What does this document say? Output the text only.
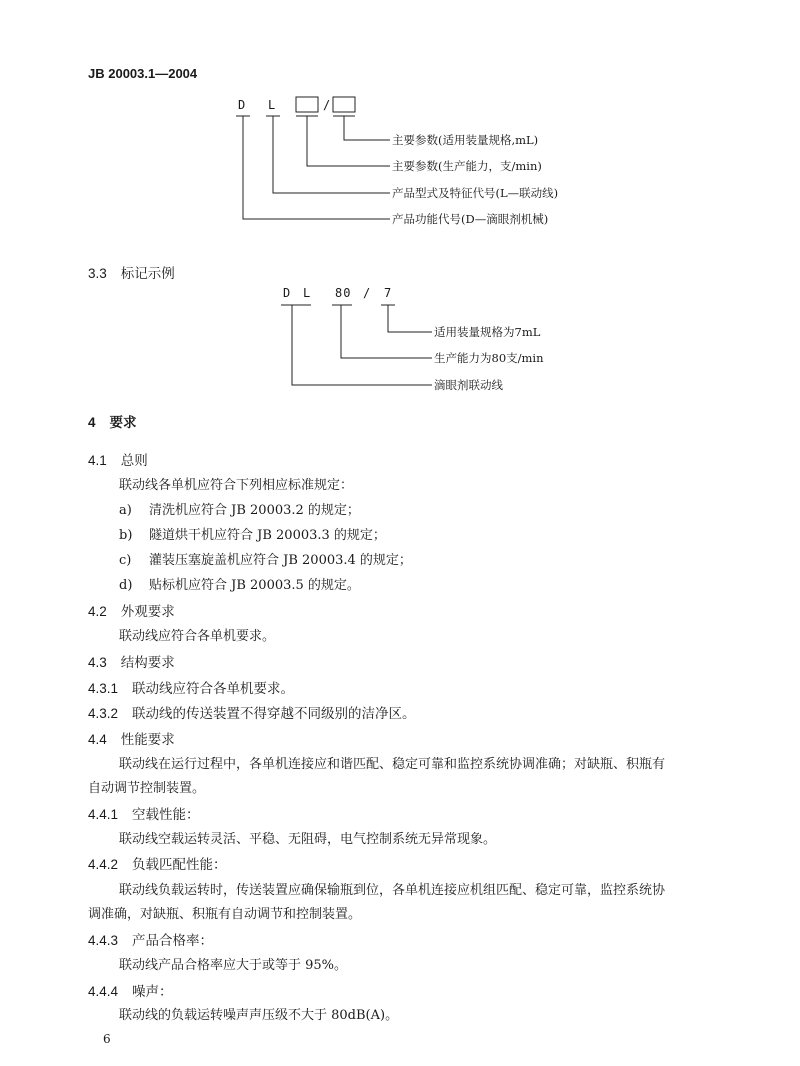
JB 20003.1—2004
D L	/
主要参数(适用装量规格,mL)
主要参数(生产能力，支/min)
产品型式及特征代号(L—联动线)
产品功能代号(D—滴眼剂机械)
3.3 标记示例
D L 80 / 7
适用装量规格为7mL
生产能力为80支/min
滴眼剂联动线
4 要求
4.1 总则
联动线各单机应符合下列相应标准规定：
a) 清洗机应符合 JB 20003.2 的规定；
b) 隧道烘干机应符合 JB 20003.3 的规定；
c) 灌装压塞旋盖机应符合 JB 20003.4 的规定；
d) 贴标机应符合 JB 20003.5 的规定。
4.2 外观要求
联动线应符合各单机要求。
4.3 结构要求
4.3.1 联动线应符合各单机要求。
4.3.2 联动线的传送装置不得穿越不同级别的洁净区。
4.4 性能要求
联动线在运行过程中，各单机连接应和谐匹配、稳定可靠和监控系统协调准确；对缺瓶、积瓶有
自动调节控制装置。
4.4.1 空载性能：
联动线空载运转灵活、平稳、无阻碍，电气控制系统无异常现象。
4.4.2 负载匹配性能：
联动线负载运转时，传送装置应确保输瓶到位，各单机连接应机组匹配、稳定可靠，监控系统协
调准确，对缺瓶、积瓶有自动调节和控制装置。
4.4.3 产品合格率：
联动线产品合格率应大于或等于 95%。
4.4.4 噪声：
联动线的负载运转噪声声压级不大于 80dB(A)。
6
